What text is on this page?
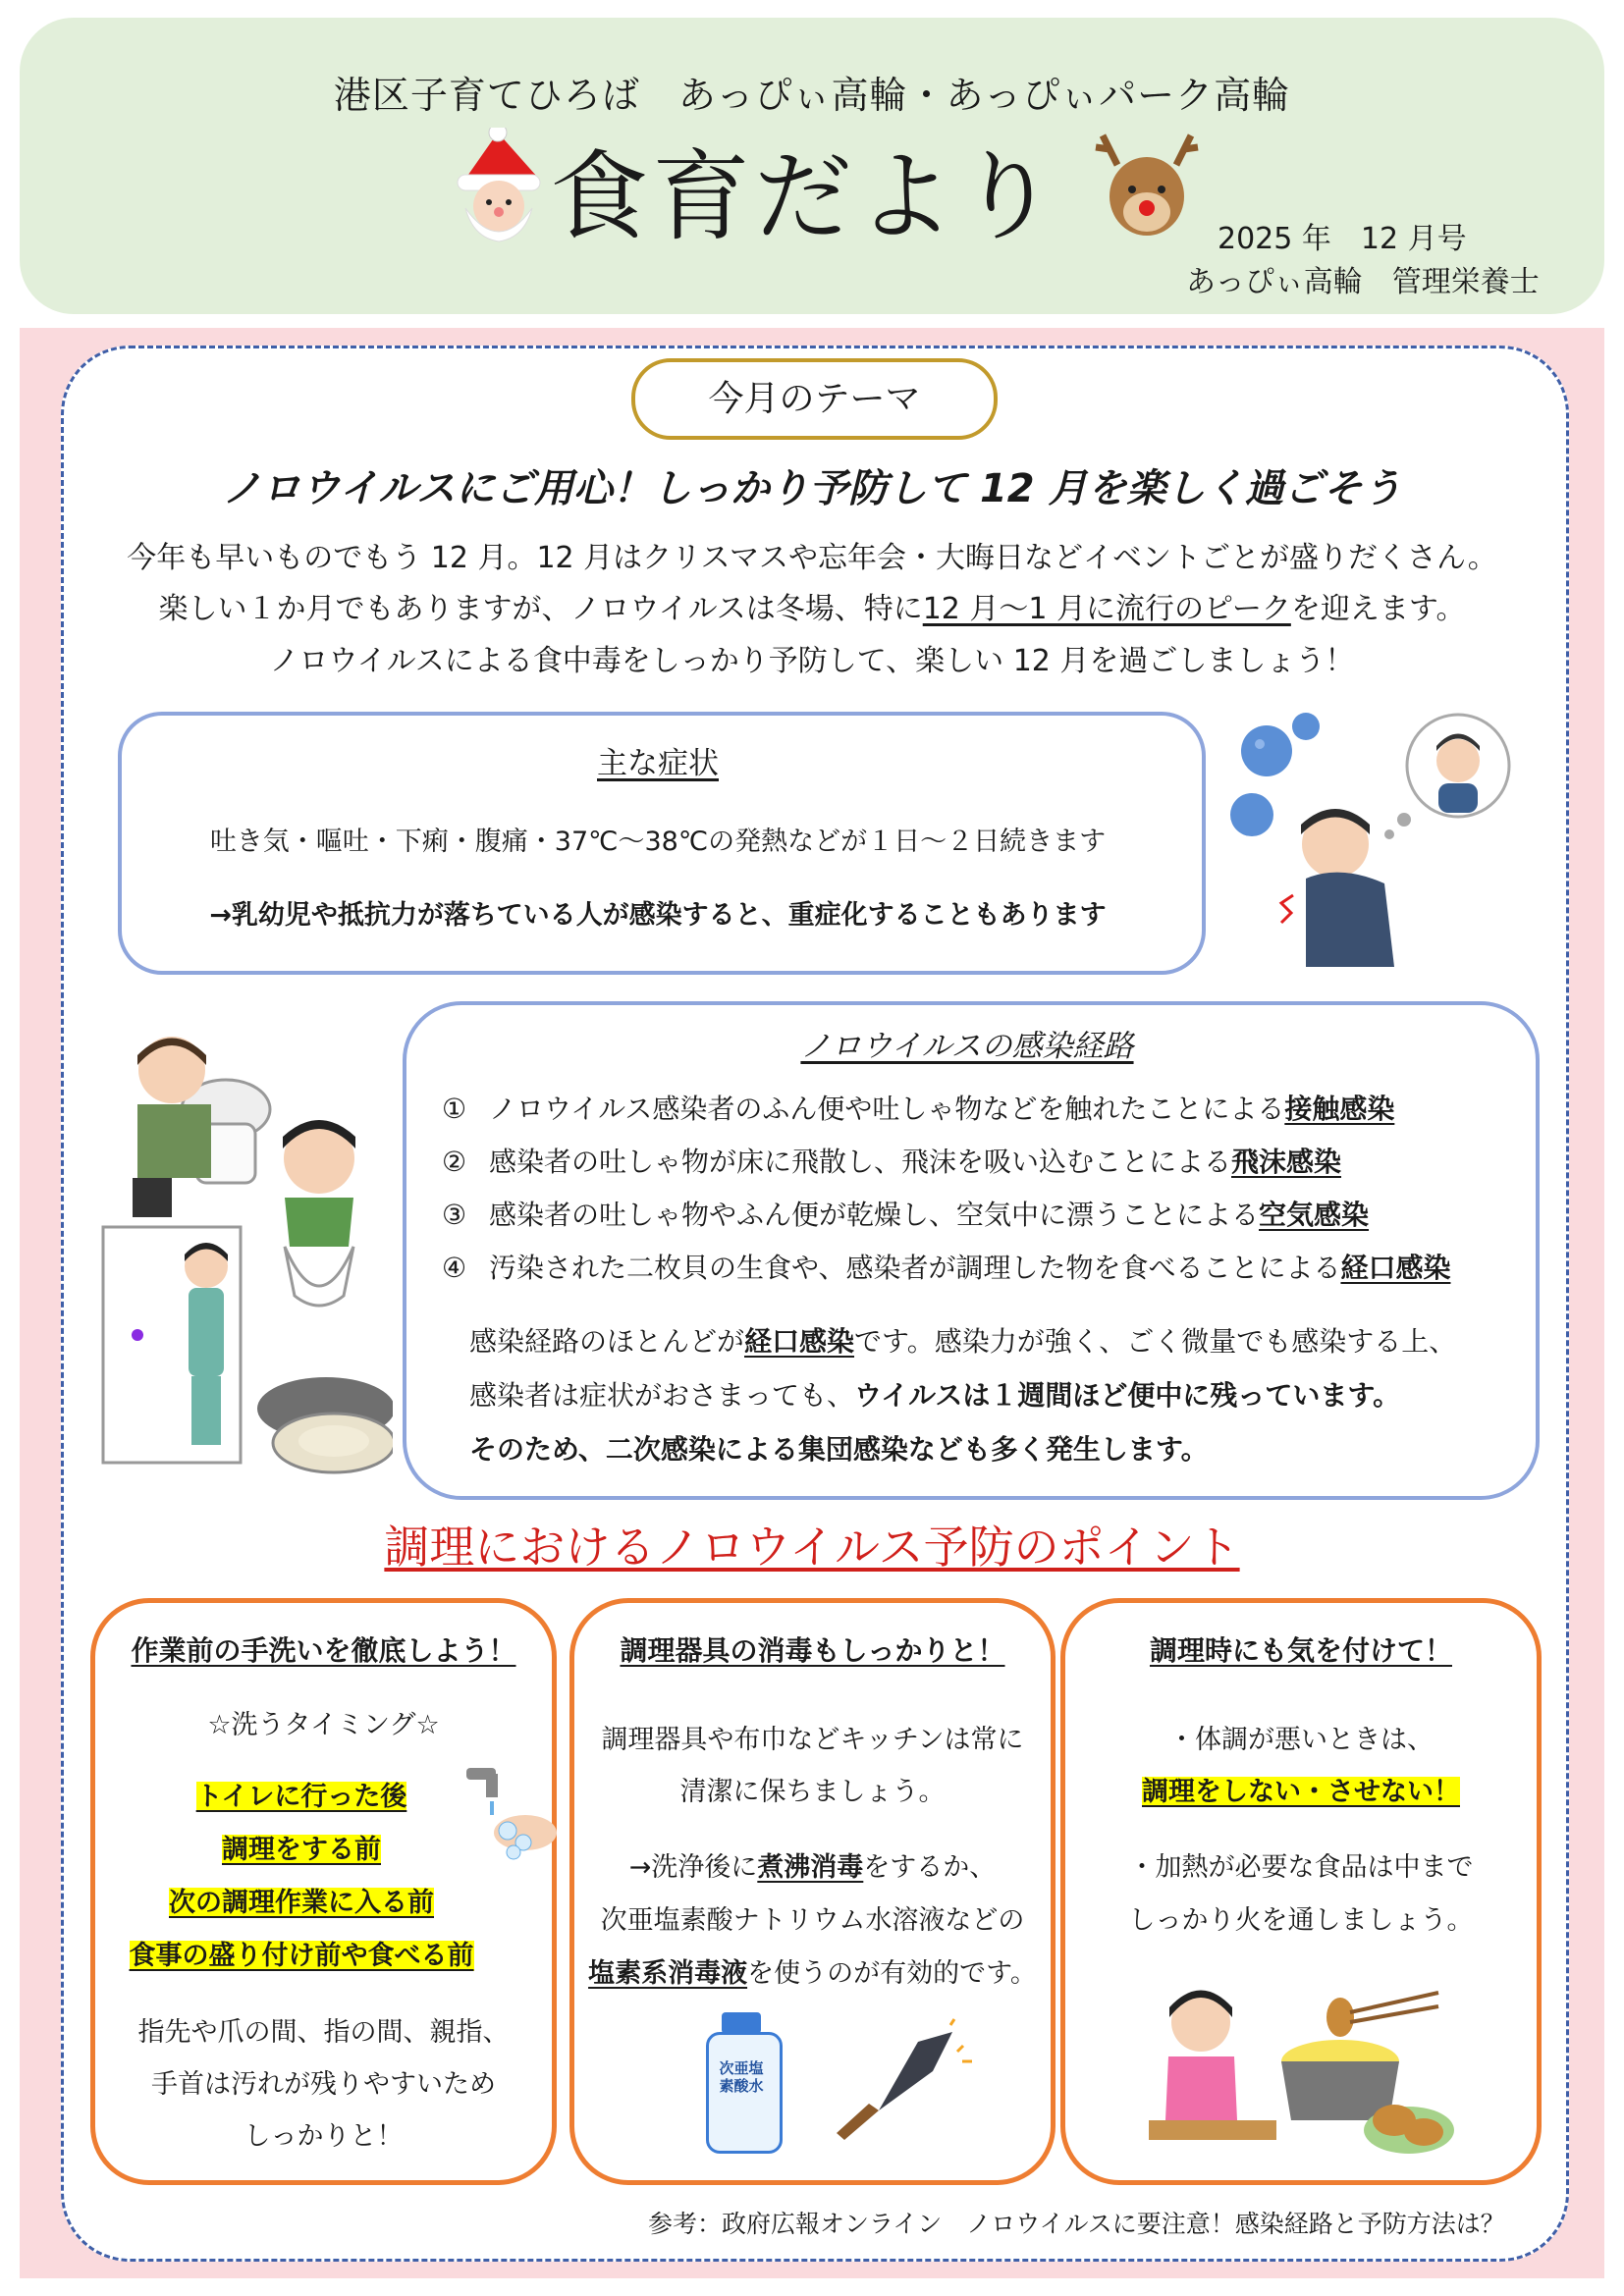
港区子育てひろば　あっぴぃ高輪・あっぴぃパーク高輪
食育だより	2025 年　12 月号
あっぴぃ高輪　管理栄養士
今月のテーマ
ノロウイルスにご用心！しっかり予防して 12 月を楽しく過ごそう
今年も早いものでもう 12 月。12 月はクリスマスや忘年会・大晦日などイベントごとが盛りだくさん。
楽しい１か月でもありますが、ノロウイルスは冬場、特に12 月～1 月に流行のピークを迎えます。
ノロウイルスによる食中毒をしっかり予防して、楽しい 12 月を過ごしましょう！
主な症状
吐き気・嘔吐・下痢・腹痛・37℃～38℃の発熱などが１日～２日続きます
→乳幼児や抵抗力が落ちている人が感染すると、重症化することもあります
ノロウイルスの感染経路
① ノロウイルス感染者のふん便や吐しゃ物などを触れたことによる接触感染
② 感染者の吐しゃ物が床に飛散し、飛沫を吸い込むことによる飛沫感染
③ 感染者の吐しゃ物やふん便が乾燥し、空気中に漂うことによる空気感染
④ 汚染された二枚貝の生食や、感染者が調理した物を食べることによる経口感染
感染経路のほとんどが経口感染です。感染力が強く、ごく微量でも感染する上、
感染者は症状がおさまっても、ウイルスは１週間ほど便中に残っています。
そのため、二次感染による集団感染なども多く発生します。
調理におけるノロウイルス予防のポイント
作業前の手洗いを徹底しよう！
☆洗うタイミング☆
トイレに行った後
調理をする前
次の調理作業に入る前
食事の盛り付け前や食べる前
指先や爪の間、指の間、親指、
手首は汚れが残りやすいため
しっかりと！
調理器具の消毒もしっかりと！
調理器具や布巾などキッチンは常に
清潔に保ちましょう。
→洗浄後に煮沸消毒をするか、
次亜塩素酸ナトリウム水溶液などの
塩素系消毒液を使うのが有効的です。
次亜塩素酸水
調理時にも気を付けて！
・体調が悪いときは、
調理をしない・させない！
・加熱が必要な食品は中まで
しっかり火を通しましょう。
参考：政府広報オンライン　ノロウイルスに要注意！感染経路と予防方法は？
